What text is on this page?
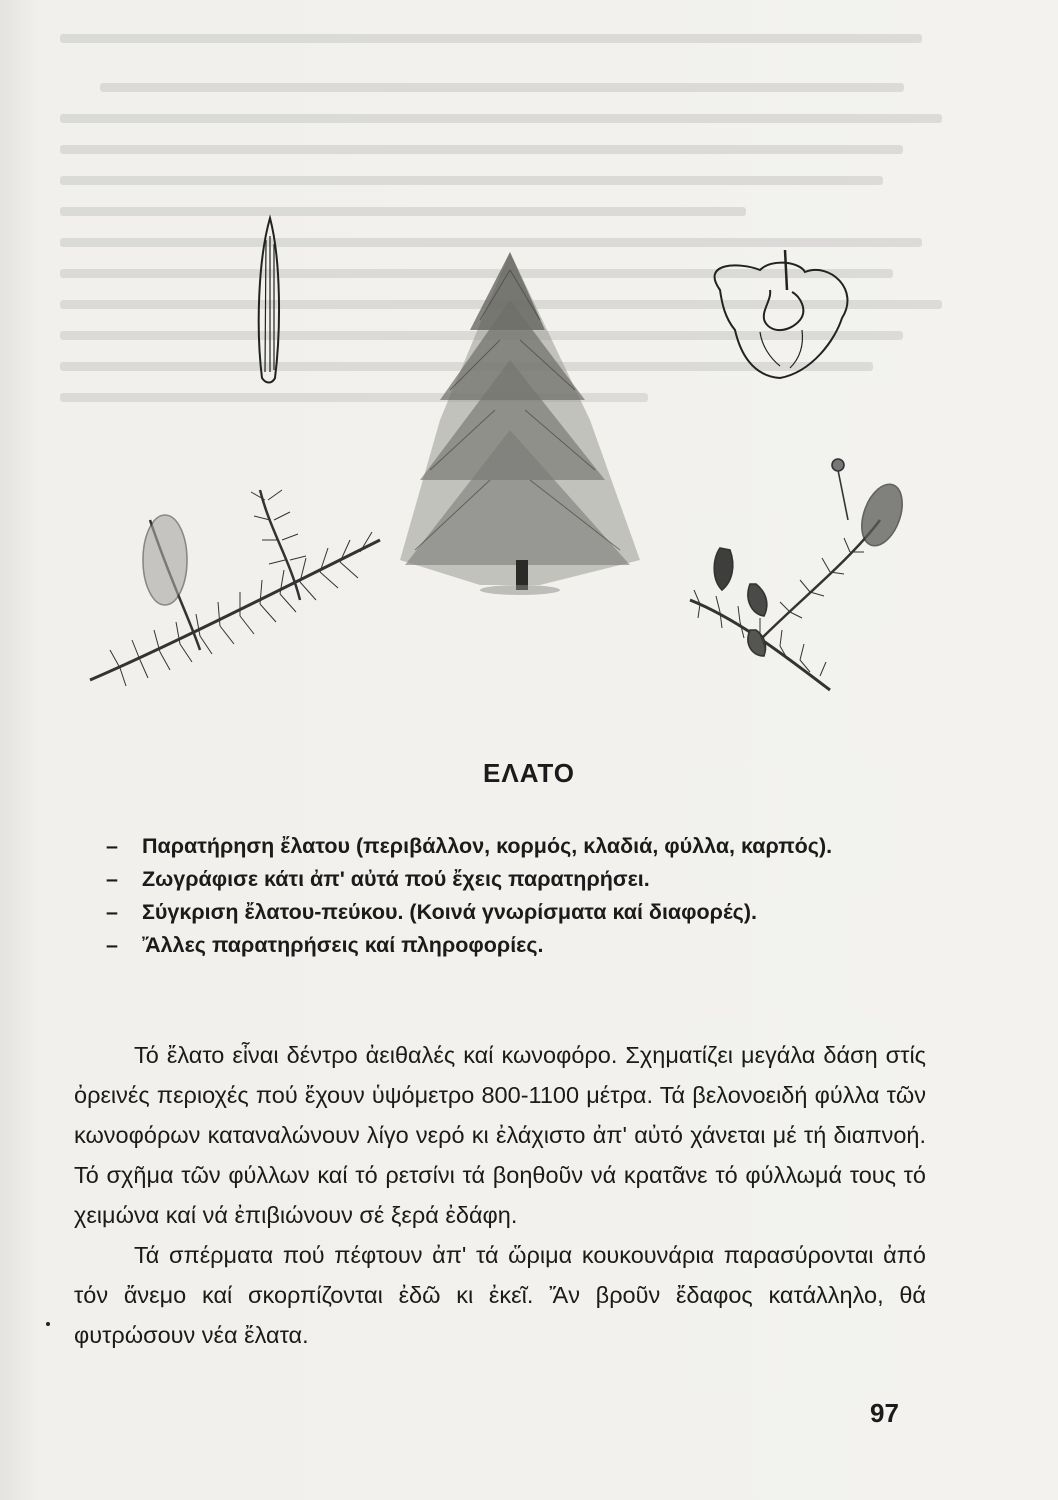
ΕΛΑΤΟ
– Παρατήρηση ἔλατου (περιβάλλον, κορμός, κλαδιά, φύλλα, καρπός).
– Ζωγράφισε κάτι ἀπ' αὐτά πού ἔχεις παρατηρήσει.
– Σύγκριση ἔλατου-πεύκου. (Κοινά γνωρίσματα καί διαφορές).
– Ἄλλες παρατηρήσεις καί πληροφορίες.

Τό ἔλατο εἶναι δέντρο ἀειθαλές καί κωνοφόρο. Σχηματίζει μεγάλα δάση στίς ὀρεινές περιοχές πού ἔχουν ὑψόμετρο 800-1100 μέτρα. Τά βελονοειδή φύλλα τῶν κωνοφόρων καταναλώνουν λίγο νερό κι ἐλάχιστο ἀπ' αὐτό χάνεται μέ τή διαπνοή. Τό σχῆμα τῶν φύλλων καί τό ρετσίνι τά βοηθοῦν νά κρατᾶνε τό φύλλωμά τους τό χειμώνα καί νά ἐπιβιώνουν σέ ξερά ἐδάφη.

Τά σπέρματα πού πέφτουν ἀπ' τά ὥριμα κουκουνάρια παρασύρονται ἀπό τόν ἄνεμο καί σκορπίζονται ἐδῶ κι ἐκεῖ. Ἄν βροῦν ἔδαφος κατάλληλο, θά φυτρώσουν νέα ἔλατα.

97
